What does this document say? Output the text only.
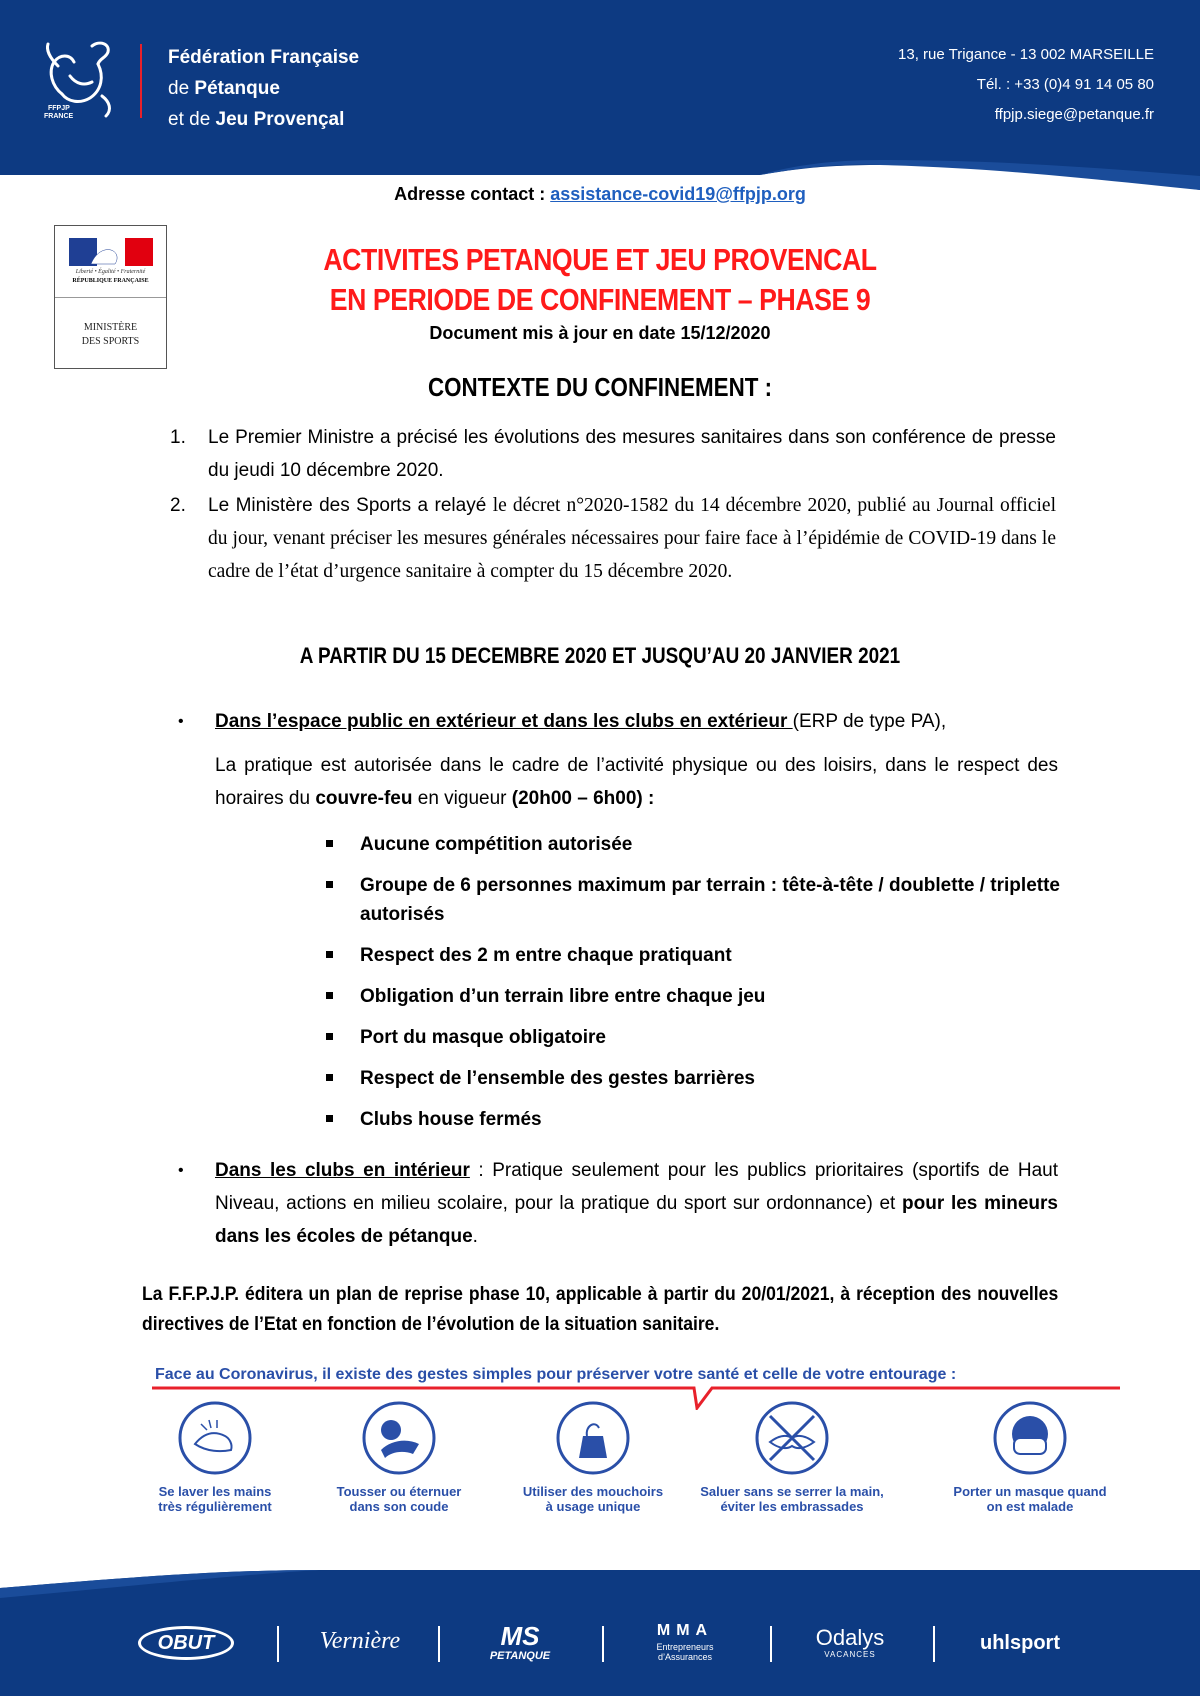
FFPJP
FRANCE
Fédération Française
de Pétanque
et de Jeu Provençal
13, rue Trigance - 13 002 MARSEILLE
Tél. : +33 (0)4 91 14 05 80
ffpjp.siege@petanque.fr
Adresse contact : assistance-covid19@ffpjp.org
Liberté • Égalité • Fraternité
RÉPUBLIQUE FRANÇAISE
MINISTÈRE
DES SPORTS
ACTIVITES PETANQUE ET JEU PROVENCAL
EN PERIODE DE CONFINEMENT – PHASE 9
Document mis à jour en date 15/12/2020
CONTEXTE DU CONFINEMENT :
1. Le Premier Ministre a précisé les évolutions des mesures sanitaires dans son conférence de presse du jeudi 10 décembre 2020.
2. Le Ministère des Sports a relayé le décret n°2020-1582 du 14 décembre 2020, publié au Journal officiel du jour, venant préciser les mesures générales nécessaires pour faire face à l’épidémie de COVID-19 dans le cadre de l’état d’urgence sanitaire à compter du 15 décembre 2020.
A PARTIR DU 15 DECEMBRE 2020 ET JUSQU’AU 20 JANVIER 2021
• Dans l’espace public en extérieur et dans les clubs en extérieur (ERP de type PA),
La pratique est autorisée dans le cadre de l’activité physique ou des loisirs, dans le respect des horaires du couvre-feu en vigueur (20h00 – 6h00) :
Aucune compétition autorisée
Groupe de 6 personnes maximum par terrain : tête-à-tête / doublette / triplette autorisés
Respect des 2 m entre chaque pratiquant
Obligation d’un terrain libre entre chaque jeu
Port du masque obligatoire
Respect de l’ensemble des gestes barrières
Clubs house fermés
• Dans les clubs en intérieur : Pratique seulement pour les publics prioritaires (sportifs de Haut Niveau, actions en milieu scolaire, pour la pratique du sport sur ordonnance) et pour les mineurs dans les écoles de pétanque.
La F.F.P.J.P. éditera un plan de reprise phase 10, applicable à partir du 20/01/2021, à réception des nouvelles directives de l’Etat en fonction de l’évolution de la situation sanitaire.
Face au Coronavirus, il existe des gestes simples pour préserver votre santé et celle de votre entourage :
Se laver les mains
très régulièrement
Tousser ou éternuer
dans son coude
Utiliser des mouchoirs
à usage unique
Saluer sans se serrer la main,
éviter les embrassades
Porter un masque quand
on est malade
OBUT	Vernière	MS
PETANQUE
MMA
Entrepreneurs
d’Assurances
Odalys
VACANCES
uhlsport
